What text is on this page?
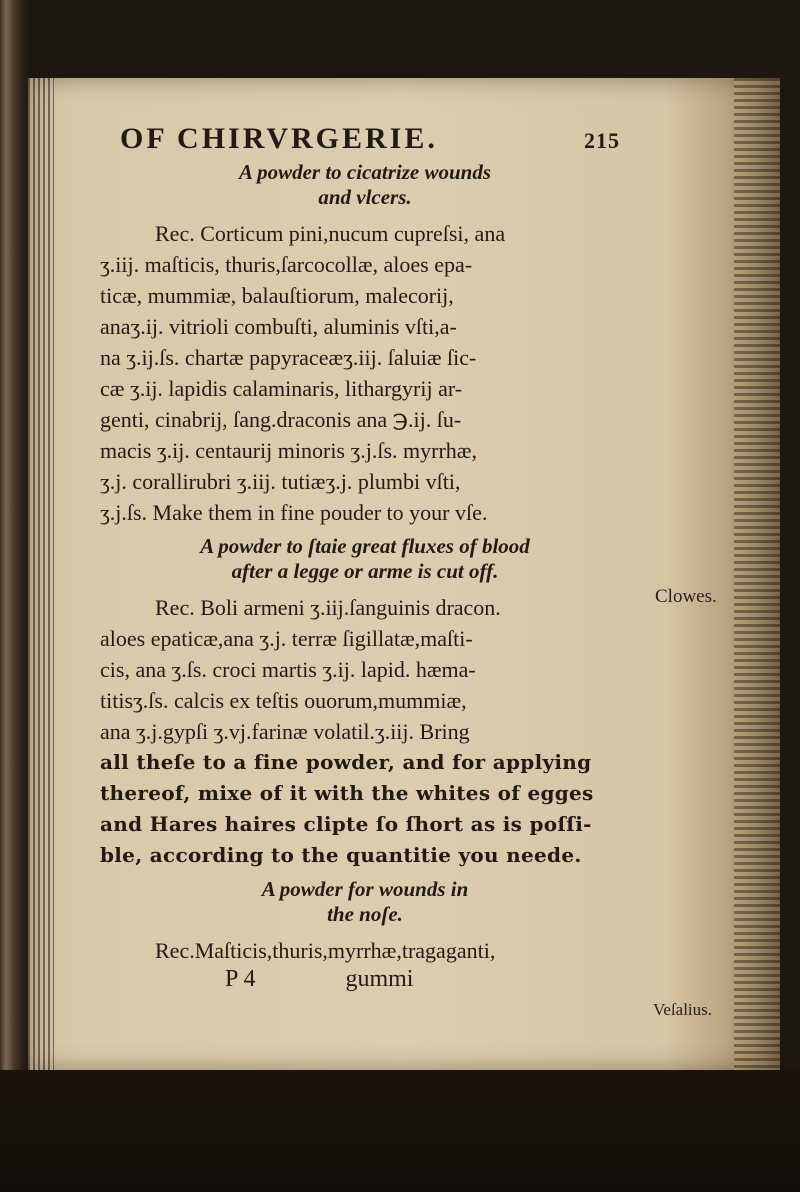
OF CHIRVRGERIE.	215
A powder to cicatrize wounds
and vlcers.
Rec. Corticum pini,nucum cupreſsi, ana
ʒ.iij. maſticis, thuris,ſarcocollæ, aloes epa-
ticæ, mummiæ, balauſtiorum, malecorij,
anaʒ.ij. vitrioli combuſti, aluminis vſti,a-
na ʒ.ij.ſs. chartæ papyraceæʒ.iij. ſaluiæ ſic-
cæ ʒ.ij. lapidis calaminaris, lithargyrij ar-
genti, cinabrij, ſang.draconis ana ℈.ij. ſu-
macis ʒ.ij. centaurij minoris ʒ.j.ſs. myrrhæ,
ʒ.j. corallirubri ʒ.iij. tutiæʒ.j. plumbi vſti,
ʒ.j.ſs. Make them in fine pouder to your vſe.
A powder to ſtaie great fluxes of blood
after a legge or arme is cut off.
Rec. Boli armeni ʒ.iij.ſanguinis dracon.
aloes epaticæ,ana ʒ.j. terræ ſigillatæ,maſti-
cis, ana ʒ.ſs. croci martis ʒ.ij. lapid. hæma-
titisʒ.ſs. calcis ex teſtis ouorum,mummiæ,
ana ʒ.j.gypſi ʒ.vj.farinæ volatil.ʒ.iij. Bring
all theſe to a fine powder, and for applying
thereof, mixe of it with the whites of egges
and Hares haires clipte ſo ſhort as is poſſi-
ble, according to the quantitie you neede.
A powder for wounds in
the noſe.
Rec.Maſticis,thuris,myrrhæ,tragaganti,
P 4	gummi
Clowes.
Veſalius.
